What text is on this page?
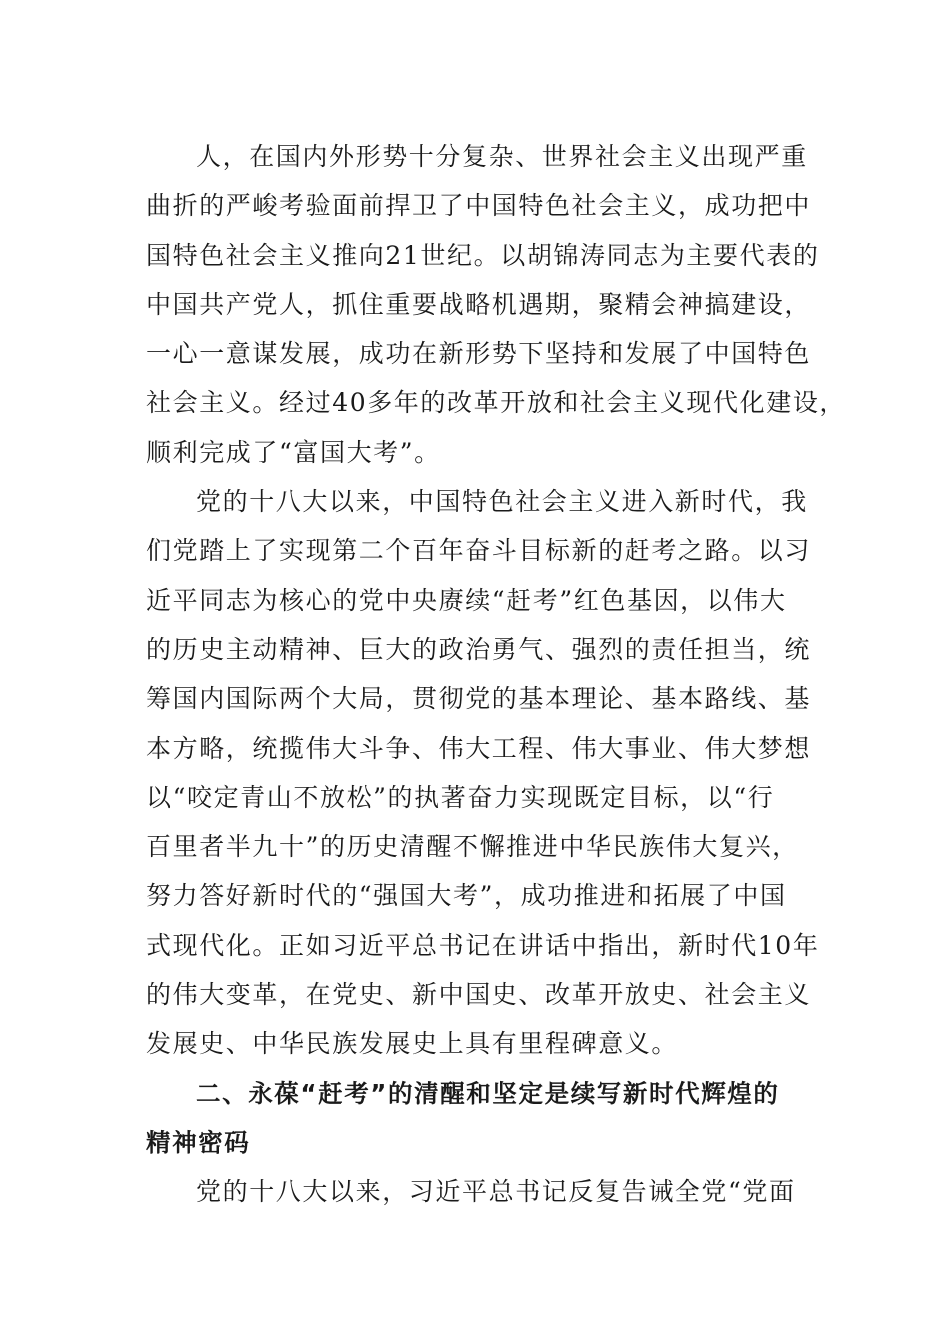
人，在国内外形势十分复杂、世界社会主义出现严重
曲折的严峻考验面前捍卫了中国特色社会主义，成功把中
国特色社会主义推向21世纪。以胡锦涛同志为主要代表的
中国共产党人，抓住重要战略机遇期，聚精会神搞建设，
一心一意谋发展，成功在新形势下坚持和发展了中国特色
社会主义。经过40多年的改革开放和社会主义现代化建设，
顺利完成了“富国大考”。
党的十八大以来，中国特色社会主义进入新时代，我
们党踏上了实现第二个百年奋斗目标新的赶考之路。以习
近平同志为核心的党中央赓续“赶考”红色基因，以伟大
的历史主动精神、巨大的政治勇气、强烈的责任担当，统
筹国内国际两个大局，贯彻党的基本理论、基本路线、基
本方略，统揽伟大斗争、伟大工程、伟大事业、伟大梦想
以“咬定青山不放松”的执著奋力实现既定目标，以“行
百里者半九十”的历史清醒不懈推进中华民族伟大复兴，
努力答好新时代的“强国大考”，成功推进和拓展了中国
式现代化。正如习近平总书记在讲话中指出，新时代10年
的伟大变革，在党史、新中国史、改革开放史、社会主义
发展史、中华民族发展史上具有里程碑意义。
二、永葆“赶考”的清醒和坚定是续写新时代辉煌的
精神密码
党的十八大以来，习近平总书记反复告诫全党“党面
